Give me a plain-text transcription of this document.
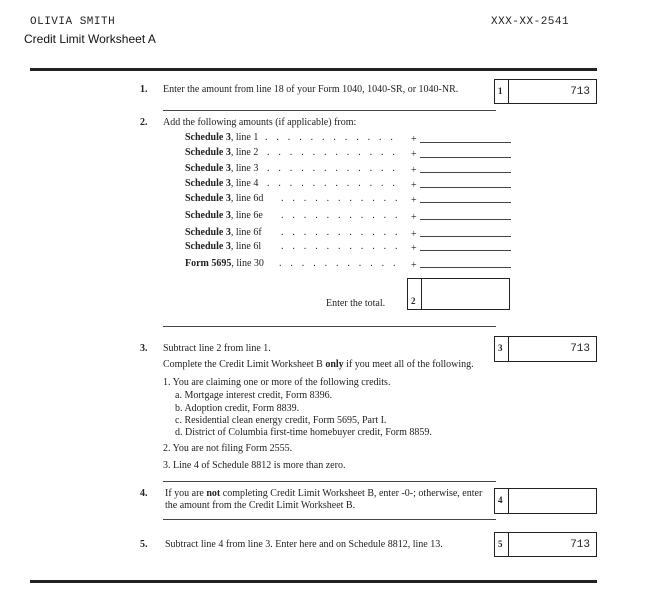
OLIVIA SMITH	XXX-XX-2541
Credit Limit Worksheet A
1. Enter the amount from line 18 of your Form 1040, 1040-SR, or 1040-NR.	1	713
2. Add the following amounts (if applicable) from:
Schedule 3, line 1 . . . . . . . . . . . . +
Schedule 3, line 2 . . . . . . . . . . . . +
Schedule 3, line 3 . . . . . . . . . . . . +
Schedule 3, line 4 . . . . . . . . . . . . +
Schedule 3, line 6d . . . . . . . . . . . +
Schedule 3, line 6e . . . . . . . . . . . +
Schedule 3, line 6f . . . . . . . . . . . +
Schedule 3, line 6l . . . . . . . . . . . +
Form 5695, line 30 . . . . . . . . . . . +
Enter the total.	2
3. Subtract line 2 from line 1.	3	713
Complete the Credit Limit Worksheet B only if you meet all of the following.
1. You are claiming one or more of the following credits.
a. Mortgage interest credit, Form 8396.
b. Adoption credit, Form 8839.
c. Residential clean energy credit, Form 5695, Part I.
d. District of Columbia first-time homebuyer credit, Form 8859.
2. You are not filing Form 2555.
3. Line 4 of Schedule 8812 is more than zero.
4. If you are not completing Credit Limit Worksheet B, enter -0-; otherwise, enter
the amount from the Credit Limit Worksheet B.	4
5. Subtract line 4 from line 3. Enter here and on Schedule 8812, line 13.	5	713
